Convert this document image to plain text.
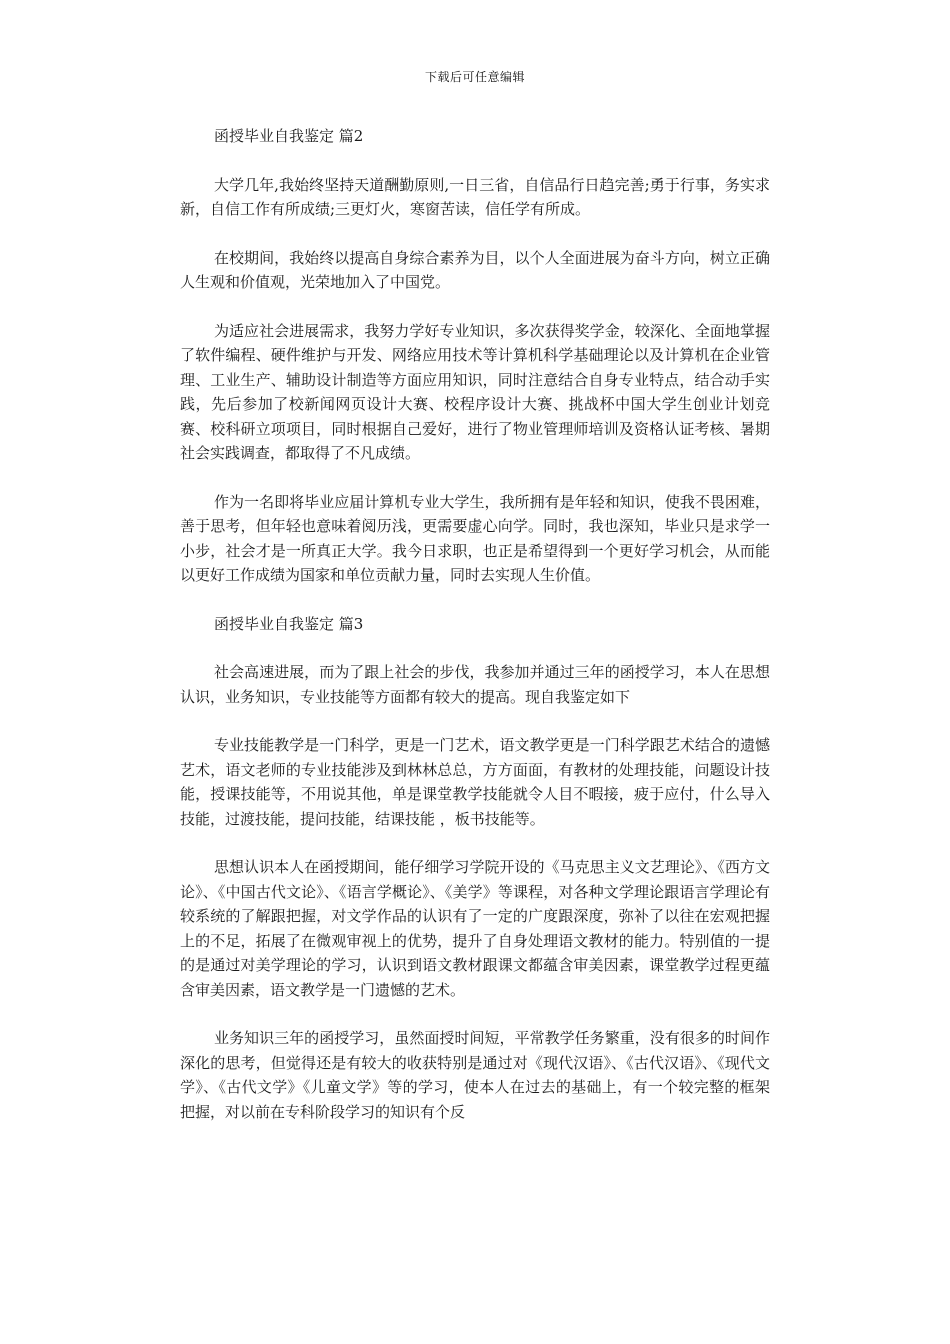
下载后可任意编辑

函授毕业自我鉴定 篇2

大学几年,我始终坚持天道酬勤原则,一日三省，自信品行日趋完善;勇于行事，务实求新，自信工作有所成绩;三更灯火，寒窗苦读，信任学有所成。

在校期间，我始终以提高自身综合素养为目，以个人全面进展为奋斗方向，树立正确人生观和价值观，光荣地加入了中国党。

为适应社会进展需求，我努力学好专业知识，多次获得奖学金，较深化、全面地掌握了软件编程、硬件维护与开发、网络应用技术等计算机科学基础理论以及计算机在企业管理、工业生产、辅助设计制造等方面应用知识，同时注意结合自身专业特点，结合动手实践，先后参加了校新闻网页设计大赛、校程序设计大赛、挑战杯中国大学生创业计划竞赛、校科研立项项目，同时根据自己爱好，进行了物业管理师培训及资格认证考核、暑期社会实践调查，都取得了不凡成绩。

作为一名即将毕业应届计算机专业大学生，我所拥有是年轻和知识，使我不畏困难，善于思考，但年轻也意味着阅历浅，更需要虚心向学。同时，我也深知，毕业只是求学一小步，社会才是一所真正大学。我今日求职，也正是希望得到一个更好学习机会，从而能以更好工作成绩为国家和单位贡献力量，同时去实现人生价值。

函授毕业自我鉴定 篇3

社会高速进展，而为了跟上社会的步伐，我参加并通过三年的函授学习，本人在思想认识，业务知识，专业技能等方面都有较大的提高。现自我鉴定如下

专业技能教学是一门科学，更是一门艺术，语文教学更是一门科学跟艺术结合的遗憾艺术，语文老师的专业技能涉及到林林总总，方方面面，有教材的处理技能，问题设计技能，授课技能等，不用说其他，单是课堂教学技能就令人目不暇接，疲于应付，什么导入技能，过渡技能，提问技能，结课技能 ，板书技能等。

思想认识本人在函授期间，能仔细学习学院开设的《马克思主义文艺理论》、《西方文论》、《中国古代文论》、《语言学概论》、《美学》等课程，对各种文学理论跟语言学理论有较系统的了解跟把握，对文学作品的认识有了一定的广度跟深度，弥补了以往在宏观把握上的不足，拓展了在微观审视上的优势，提升了自身处理语文教材的能力。特别值的一提的是通过对美学理论的学习，认识到语文教材跟课文都蕴含审美因素，课堂教学过程更蕴含审美因素，语文教学是一门遗憾的艺术。

业务知识三年的函授学习，虽然面授时间短，平常教学任务繁重，没有很多的时间作深化的思考，但觉得还是有较大的收获特别是通过对《现代汉语》、《古代汉语》、《现代文学》、《古代文学》《儿童文学》等的学习，使本人在过去的基础上，有一个较完整的框架把握，对以前在专科阶段学习的知识有个反
